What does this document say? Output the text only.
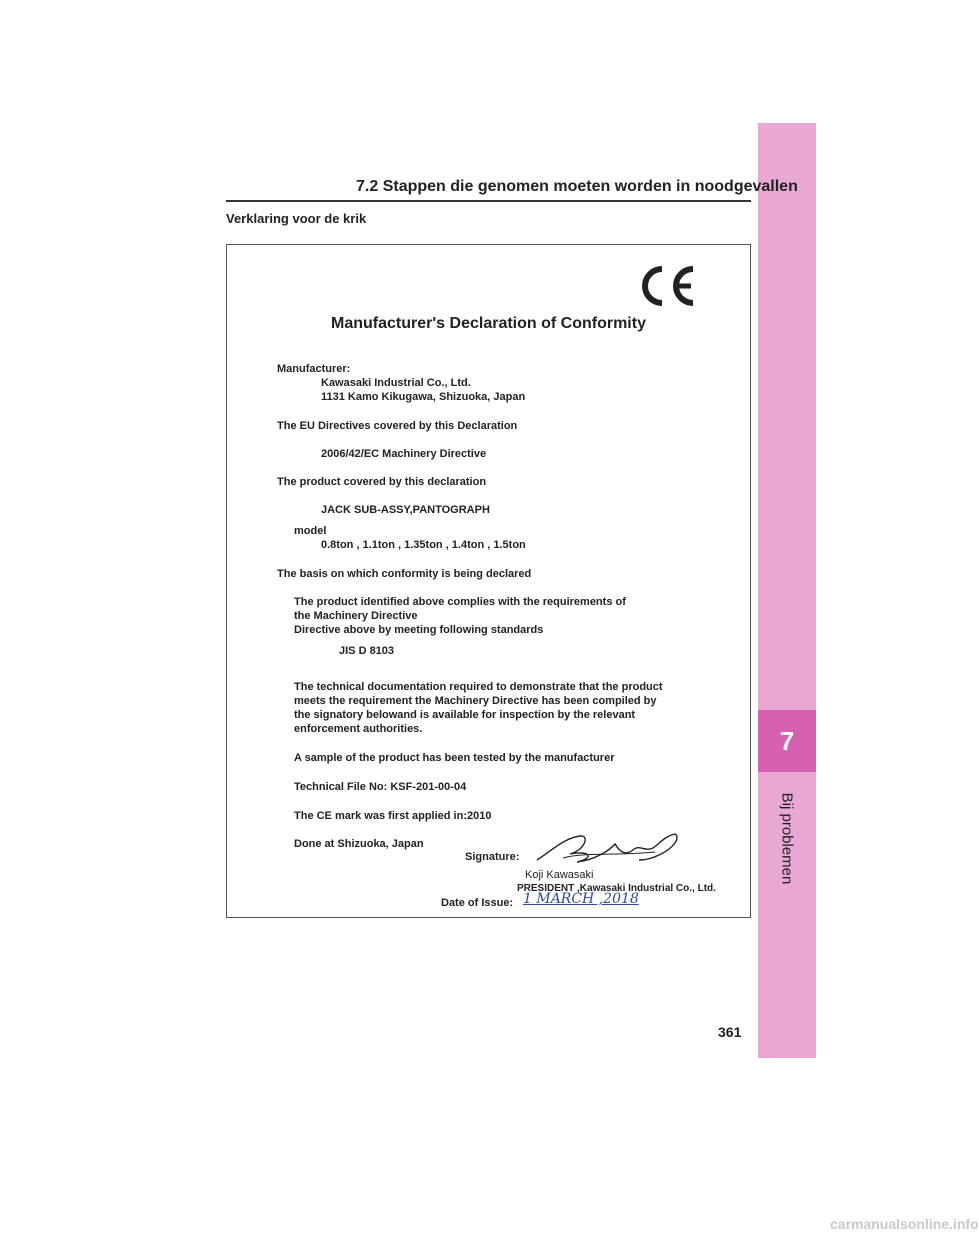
7
Bij problemen
7.2 Stappen die genomen moeten worden in noodgevallen
Verklaring voor de krik
Manufacturer's Declaration of Conformity
Manufacturer:
Kawasaki Industrial Co., Ltd.
1131 Kamo Kikugawa, Shizuoka, Japan
The EU Directives covered by this Declaration
2006/42/EC Machinery Directive
The product covered by this declaration
JACK SUB-ASSY,PANTOGRAPH
model
0.8ton , 1.1ton , 1.35ton , 1.4ton , 1.5ton
The basis on which conformity is being declared
The product identified above complies with the requirements of
the Machinery Directive
Directive above by meeting following standards
JIS D 8103
The technical documentation required to demonstrate that the product
meets the requirement the Machinery Directive has been compiled by
the signatory belowand is available for inspection by the relevant
enforcement authorities.
A sample of the product has been tested by the manufacturer
Technical File No: KSF-201-00-04
The CE mark was first applied in:2010
Done at Shizuoka, Japan
Signature:
Koji Kawasaki
PRESIDENT ,Kawasaki Industrial Co., Ltd.
Date of Issue: 1 MARCH ,2018
361
carmanualsonline.info
